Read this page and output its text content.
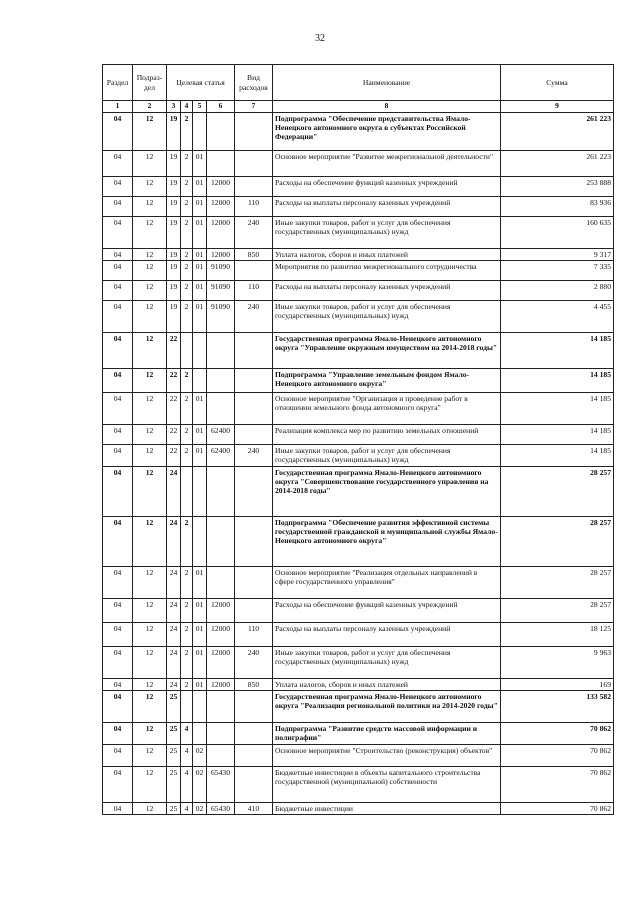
32
Раздел	Подраз-дел	Целевая статья				Вид расходов	Наименование	Сумма
1	2	3	4	5	6	7	8	9
04	12	19	2				Подпрограмма "Обеспечение представительства Ямало-Ненецкого автономного округа в субъектах Российской Федерации"	261 223
04	12	19	2	01			Основное мероприятие "Развитие межрегиональной деятельности"	261 223
04	12	19	2	01	12000		Расходы на обеспечение функций казенных учреждений	253 888
04	12	19	2	01	12000	110	Расходы на выплаты персоналу казенных учреждений	83 936
04	12	19	2	01	12000	240	Иные закупки товаров, работ и услуг для обеспечения государственных (муниципальных) нужд	160 635
04	12	19	2	01	12000	850	Уплата налогов, сборов и иных платежей	9 317
04	12	19	2	01	91090		Мероприятия по развитию межрегионального сотрудничества	7 335
04	12	19	2	01	91090	110	Расходы на выплаты персоналу казенных учреждений	2 880
04	12	19	2	01	91090	240	Иные закупки товаров, работ и услуг для обеспечения государственных (муниципальных) нужд	4 455
04	12	22					Государственная программа Ямало-Ненецкого автономного округа "Управление окружным имуществом на 2014-2018 годы"	14 185
04	12	22	2				Подпрограмма "Управление земельным фондом Ямало-Ненецкого автономного округа"	14 185
04	12	22	2	01			Основное мероприятие "Организация и проведение работ в отношении земельного фонда автономного округа"	14 185
04	12	22	2	01	62400		Реализация комплекса мер по развитию земельных отношений	14 185
04	12	22	2	01	62400	240	Иные закупки товаров, работ и услуг для обеспечения государственных (муниципальных) нужд	14 185
04	12	24					Государственная программа Ямало-Ненецкого автономного округа "Совершенствование государственного управления на 2014-2018 годы"	28 257
04	12	24	2				Подпрограмма "Обеспечение развития эффективной системы государственной гражданской и муниципальной службы Ямало-Ненецкого автономного округа"	28 257
04	12	24	2	01			Основное мероприятие "Реализация отдельных направлений в сфере государственного управления"	28 257
04	12	24	2	01	12000		Расходы на обеспечение функций казенных учреждений	28 257
04	12	24	2	01	12000	110	Расходы на выплаты персоналу казенных учреждений	18 125
04	12	24	2	01	12000	240	Иные закупки товаров, работ и услуг для обеспечения государственных (муниципальных) нужд	9 963
04	12	24	2	01	12000	850	Уплата налогов, сборов и иных платежей	169
04	12	25					Государственная программа Ямало-Ненецкого автономного округа "Реализация региональной политики на 2014-2020 годы"	133 582
04	12	25	4				Подпрограмма "Развитие средств массовой информации и полиграфии"	70 862
04	12	25	4	02			Основное мероприятие "Строительство (реконструкция) объектов"	70 862
04	12	25	4	02	65430		Бюджетные инвестиции в объекты капитального строительства государственной (муниципальной) собственности	70 862
04	12	25	4	02	65430	410	Бюджетные инвестиции	70 862
